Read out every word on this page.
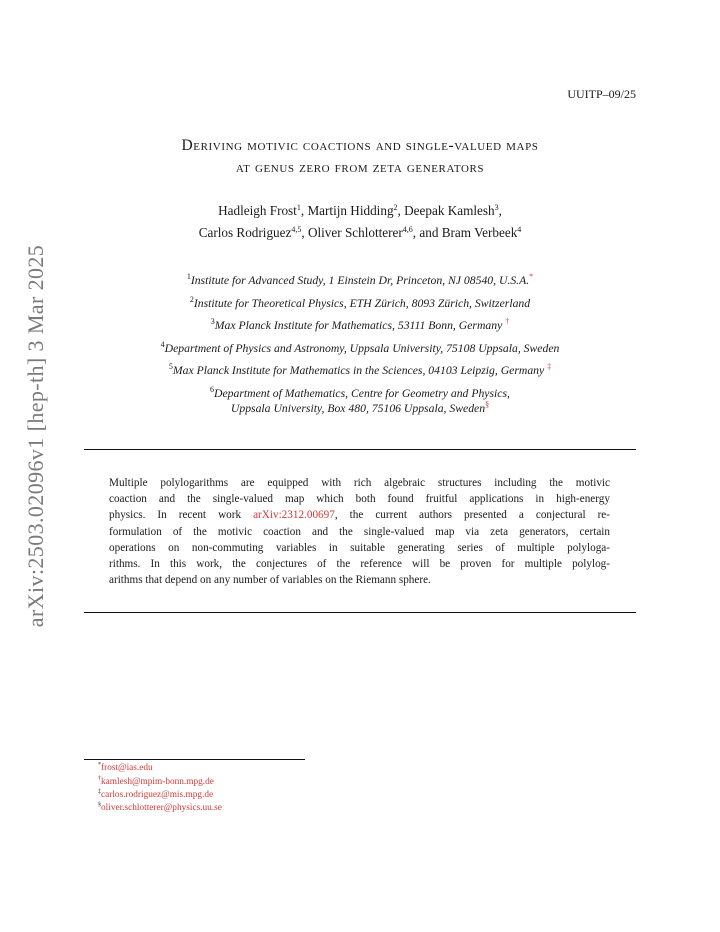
arXiv:2503.02096v1 [hep-th] 3 Mar 2025
UUITP–09/25
Deriving motivic coactions and single-valued maps
at genus zero from zeta generators
Hadleigh Frost$^1$, Martijn Hidding$^2$, Deepak Kamlesh$^3$,
Carlos Rodriguez$^{4,5}$, Oliver Schlotterer$^{4,6}$, and Bram Verbeek$^4$
$^1$Institute for Advanced Study, 1 Einstein Dr, Princeton, NJ 08540, U.S.A.*
$^2$Institute for Theoretical Physics, ETH Zürich, 8093 Zürich, Switzerland
$^3$Max Planck Institute for Mathematics, 53111 Bonn, Germany †
$^4$Department of Physics and Astronomy, Uppsala University, 75108 Uppsala, Sweden
$^5$Max Planck Institute for Mathematics in the Sciences, 04103 Leipzig, Germany ‡
$^6$Department of Mathematics, Centre for Geometry and Physics,
Uppsala University, Box 480, 75106 Uppsala, Sweden§
Multiple polylogarithms are equipped with rich algebraic structures including the motivic
coaction and the single-valued map which both found fruitful applications in high-energy
physics. In recent work arXiv:2312.00697, the current authors presented a conjectural re-
formulation of the motivic coaction and the single-valued map via zeta generators, certain
operations on non-commuting variables in suitable generating series of multiple polyloga-
rithms. In this work, the conjectures of the reference will be proven for multiple polylog-
arithms that depend on any number of variables on the Riemann sphere.
*frost@ias.edu
†kamlesh@mpim-bonn.mpg.de
‡carlos.rodriguez@mis.mpg.de
§oliver.schlotterer@physics.uu.se
